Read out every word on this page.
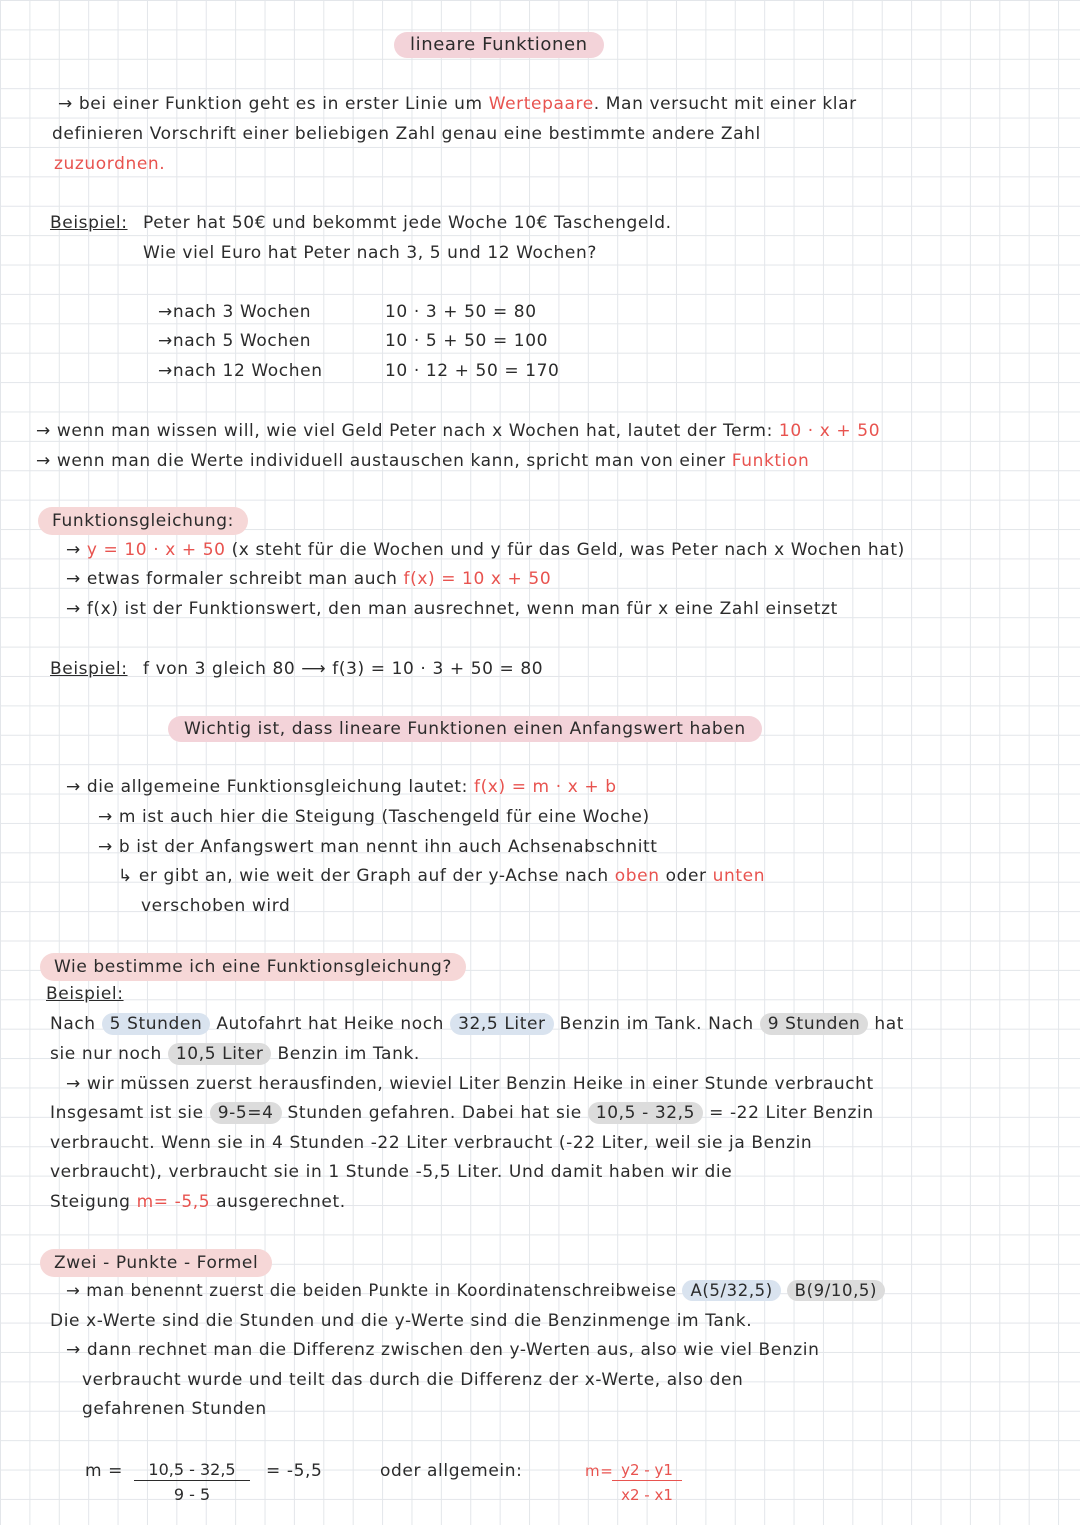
lineare Funktionen
→ bei einer Funktion geht es in erster Linie um Wertepaare. Man versucht mit einer klar
definieren Vorschrift einer beliebigen Zahl genau eine bestimmte andere Zahl
zuzuordnen.
Beispiel: Peter hat 50€ und bekommt jede Woche 10€ Taschengeld.
Wie viel Euro hat Peter nach 3, 5 und 12 Wochen?
→nach 3 Wochen	10 · 3 + 50 = 80
→nach 5 Wochen	10 · 5 + 50 = 100
→nach 12 Wochen	10 · 12 + 50 = 170
→ wenn man wissen will, wie viel Geld Peter nach x Wochen hat, lautet der Term: 10 · x + 50
→ wenn man die Werte individuell austauschen kann, spricht man von einer Funktion
Funktionsgleichung:
→ y = 10 · x + 50 (x steht für die Wochen und y für das Geld, was Peter nach x Wochen hat)
→ etwas formaler schreibt man auch f(x) = 10 x + 50
→ f(x) ist der Funktionswert, den man ausrechnet, wenn man für x eine Zahl einsetzt
Beispiel: f von 3 gleich 80 ⟶ f(3) = 10 · 3 + 50 = 80
Wichtig ist, dass lineare Funktionen einen Anfangswert haben
→ die allgemeine Funktionsgleichung lautet: f(x) = m · x + b
→ m ist auch hier die Steigung (Taschengeld für eine Woche)
→ b ist der Anfangswert man nennt ihn auch Achsenabschnitt
↳ er gibt an, wie weit der Graph auf der y-Achse nach oben oder unten
verschoben wird
Wie bestimme ich eine Funktionsgleichung?
Beispiel:
Nach 5 Stunden Autofahrt hat Heike noch 32,5 Liter Benzin im Tank. Nach 9 Stunden hat
sie nur noch 10,5 Liter Benzin im Tank.
→ wir müssen zuerst herausfinden, wieviel Liter Benzin Heike in einer Stunde verbraucht
Insgesamt ist sie 9-5=4 Stunden gefahren. Dabei hat sie 10,5 - 32,5 = -22 Liter Benzin
verbraucht. Wenn sie in 4 Stunden -22 Liter verbraucht (-22 Liter, weil sie ja Benzin
verbraucht), verbraucht sie in 1 Stunde -5,5 Liter. Und damit haben wir die
Steigung m= -5,5 ausgerechnet.
Zwei - Punkte - Formel
→ man benennt zuerst die beiden Punkte in Koordinatenschreibweise A(5/32,5) B(9/10,5)
Die x-Werte sind die Stunden und die y-Werte sind die Benzinmenge im Tank.
→ dann rechnet man die Differenz zwischen den y-Werten aus, also wie viel Benzin
verbraucht wurde und teilt das durch die Differenz der x-Werte, also den
gefahrenen Stunden
$m = \frac{10,5 - 32,5}{9 - 5} = -5,5$	oder allgemein:	m=
$\frac{y2 - y1}{x2 - x1}$
